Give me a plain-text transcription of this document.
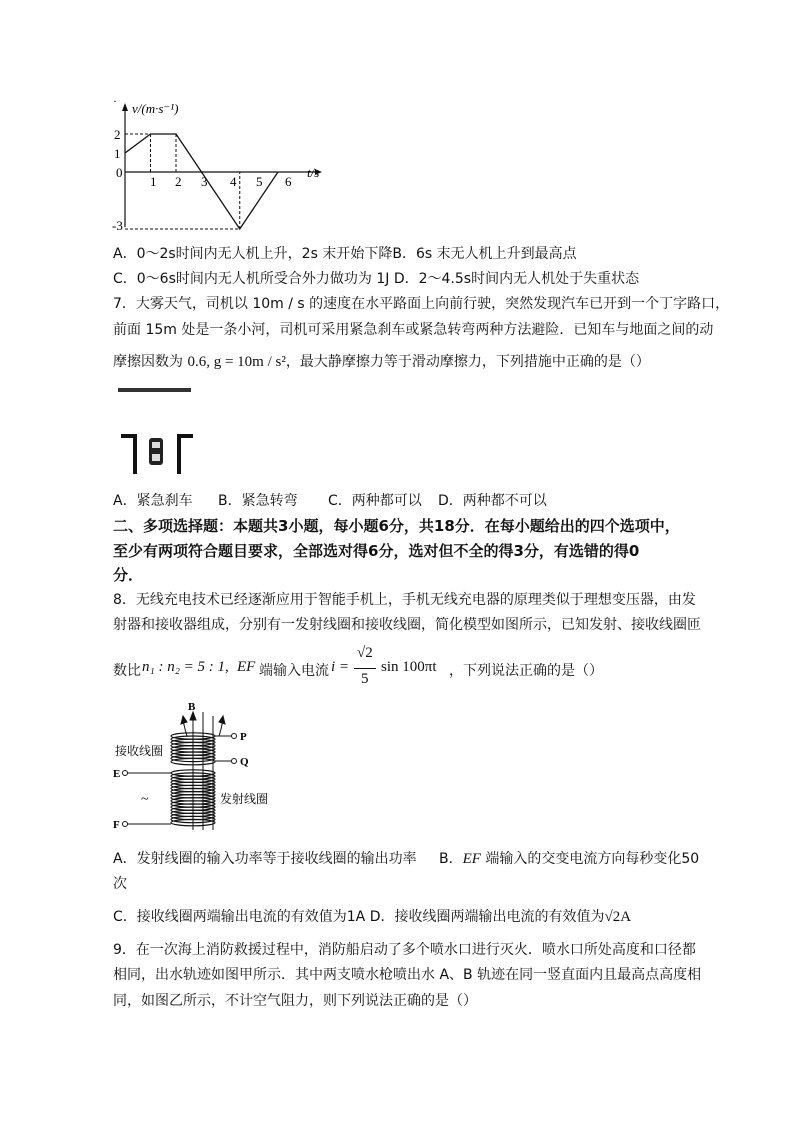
· v/(m·s⁻¹)
t/s
0
1 2 3 4 5 6
2
1
-3
A．0～2s时间内无人机上升，2s 末开始下降B．6s 末无人机上升到最高点
C．0～6s时间内无人机所受合外力做功为 1J D．2～4.5s时间内无人机处于失重状态
7．大雾天气，司机以 10m / s 的速度在水平路面上向前行驶，突然发现汽车已开到一个丁字路口，
前面 15m 处是一条小河，司机可采用紧急刹车或紧急转弯两种方法避险．已知车与地面之间的动
摩擦因数为 0.6, g = 10m / s²，最大静摩擦力等于滑动摩擦力，下列措施中正确的是（）
A．紧急刹车 B．紧急转弯 C．两种都可以 D．两种都不可以
二、多项选择题：本题共3小题，每小题6分，共18分．在每小题给出的四个选项中，
至少有两项符合题目要求，全部选对得6分，选对但不全的得3分，有选错的得0
分．
8．无线充电技术已经逐渐应用于智能手机上，手机无线充电器的原理类似于理想变压器，由发
射器和接收器组成，分别有一发射线圈和接收线圈，简化模型如图所示，已知发射、接收线圈匝
数比 n₁ : n₂ = 5 : 1, EF 端输入电流 i =
√2
5
sin 100πt ，下列说法正确的是（）
B
P
Q
E
F
~
接收线圈
发射线圈
A．发射线圈的输入功率等于接收线圈的输出功率 B．EF 端输入的交变电流方向每秒变化50
次
C．接收线圈两端输出电流的有效值为1A D．接收线圈两端输出电流的有效值为√2A
9．在一次海上消防救援过程中，消防船启动了多个喷水口进行灭火．喷水口所处高度和口径都
相同，出水轨迹如图甲所示．其中两支喷水枪喷出水 A、B 轨迹在同一竖直面内且最高点高度相
同，如图乙所示，不计空气阻力，则下列说法正确的是（）
